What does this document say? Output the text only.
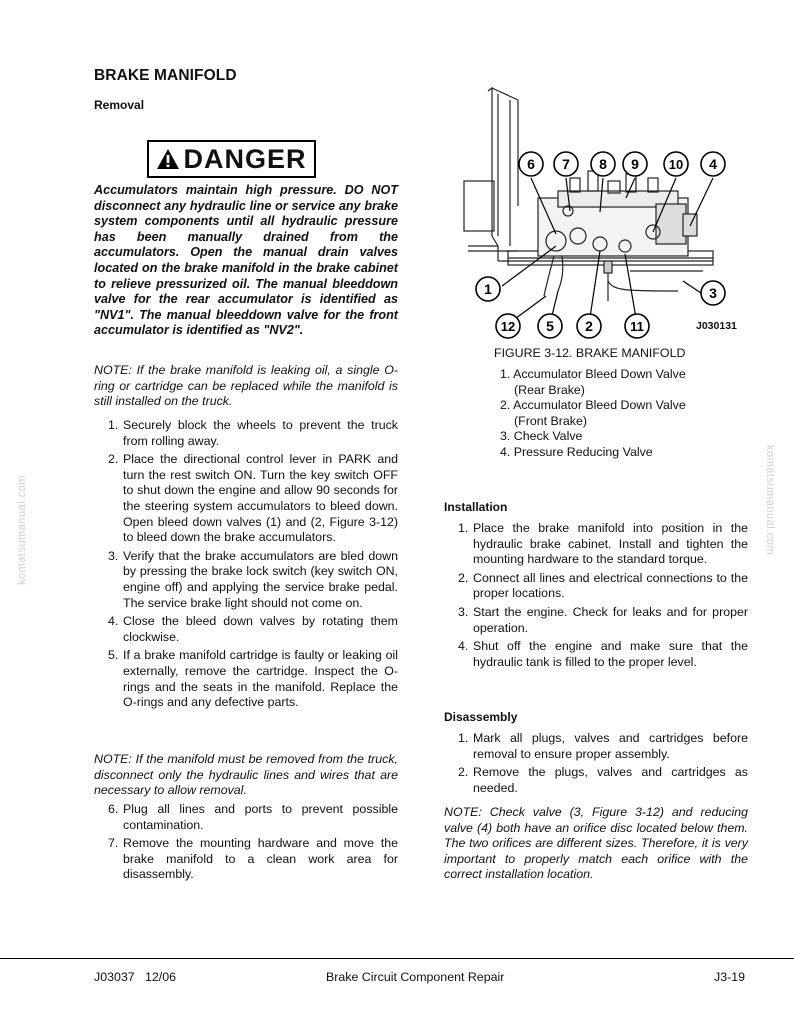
BRAKE MANIFOLD
Removal
DANGER
Accumulators maintain high pressure. DO NOT disconnect any hydraulic line or service any brake system components until all hydraulic pressure has been manually drained from the accumulators. Open the manual drain valves located on the brake manifold in the brake cabinet to relieve pressurized oil. The manual bleeddown valve for the rear accumulator is identified as "NV1". The manual bleeddown valve for the front accumulator is identified as "NV2".
NOTE: If the brake manifold is leaking oil, a single O-ring or cartridge can be replaced while the manifold is still installed on the truck.
1. Securely block the wheels to prevent the truck from rolling away.
2. Place the directional control lever in PARK and turn the rest switch ON. Turn the key switch OFF to shut down the engine and allow 90 seconds for the steering system accumulators to bleed down. Open bleed down valves (1) and (2, Figure 3-12) to bleed down the brake accumulators.
3. Verify that the brake accumulators are bled down by pressing the brake lock switch (key switch ON, engine off) and applying the service brake pedal. The service brake light should not come on.
4. Close the bleed down valves by rotating them clockwise.
5. If a brake manifold cartridge is faulty or leaking oil externally, remove the cartridge. Inspect the O-rings and the seats in the manifold. Replace the O-rings and any defective parts.
NOTE: If the manifold must be removed from the truck, disconnect only the hydraulic lines and wires that are necessary to allow removal.
6. Plug all lines and ports to prevent possible contamination.
7. Remove the mounting hardware and move the brake manifold to a clean work area for disassembly.
6 7 8 9 10 4
1	3
12 5 2	11	J030131
FIGURE 3-12. BRAKE MANIFOLD
1. Accumulator Bleed Down Valve
(Rear Brake)
2. Accumulator Bleed Down Valve
(Front Brake)
3. Check Valve
4. Pressure Reducing Valve
Installation
1. Place the brake manifold into position in the hydraulic brake cabinet. Install and tighten the mounting hardware to the standard torque.
2. Connect all lines and electrical connections to the proper locations.
3. Start the engine. Check for leaks and for proper operation.
4. Shut off the engine and make sure that the hydraulic tank is filled to the proper level.
Disassembly
1. Mark all plugs, valves and cartridges before removal to ensure proper assembly.
2. Remove the plugs, valves and cartridges as needed.
NOTE: Check valve (3, Figure 3-12) and reducing valve (4) both have an orifice disc located below them. The two orifices are different sizes. Therefore, it is very important to properly match each orifice with the correct installation location.
komatsumanual.com	komatsumanual.com
J03037 12/06	Brake Circuit Component Repair	J3-19
